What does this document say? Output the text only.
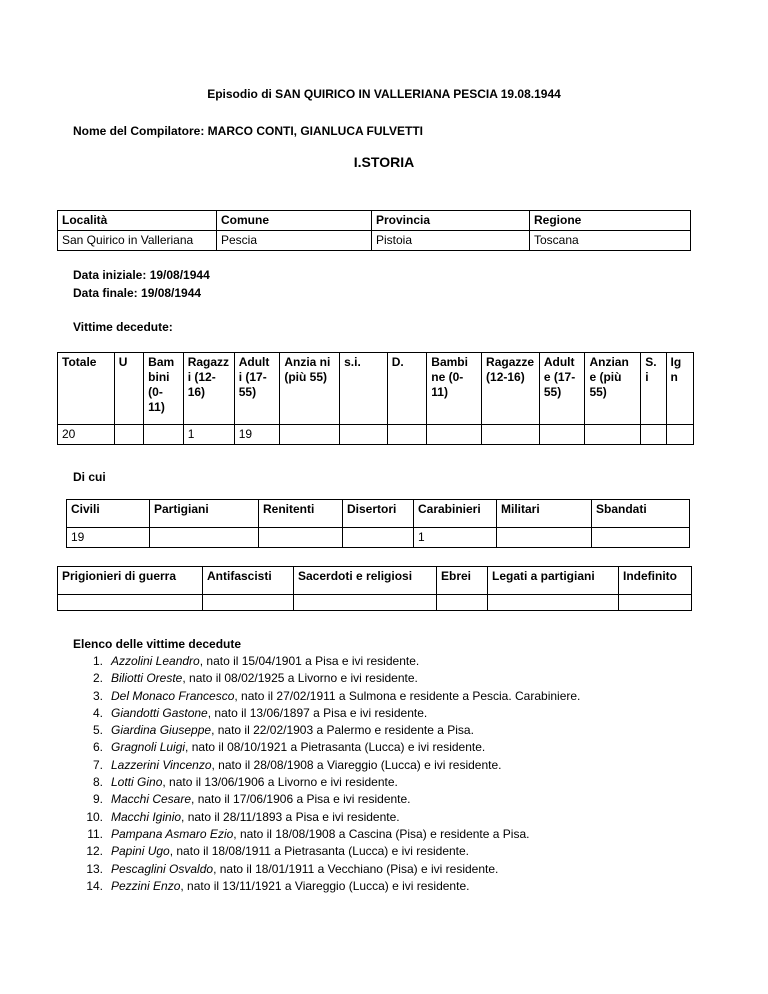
Episodio di SAN QUIRICO IN VALLERIANA PESCIA 19.08.1944
Nome del Compilatore: MARCO CONTI, GIANLUCA FULVETTI
I.STORIA
Località	Comune	Provincia	Regione
San Quirico in Valleriana	Pescia	Pistoia	Toscana
Data iniziale: 19/08/1944
Data finale: 19/08/1944
Vittime decedute:
Totale	U	Bam bini (0-11)	Ragazz i (12-16)	Adult i (17-55)	Anzia ni (più 55)	s.i.	D.	Bambi ne (0-11)	Ragazze (12-16)	Adult e (17-55)	Anzian e (più 55)	S. i	Ig n
20			1	19									
Di cui
Civili	Partigiani	Renitenti	Disertori	Carabinieri	Militari	Sbandati
19				1		
Prigionieri di guerra	Antifascisti	Sacerdoti e religiosi	Ebrei	Legati a partigiani	Indefinito

Elenco delle vittime decedute
1. Azzolini Leandro, nato il 15/04/1901 a Pisa e ivi residente.
2. Biliotti Oreste, nato il 08/02/1925 a Livorno e ivi residente.
3. Del Monaco Francesco, nato il 27/02/1911 a Sulmona e residente a Pescia. Carabiniere.
4. Giandotti Gastone, nato il 13/06/1897 a Pisa e ivi residente.
5. Giardina Giuseppe, nato il 22/02/1903 a Palermo e residente a Pisa.
6. Gragnoli Luigi, nato il 08/10/1921 a Pietrasanta (Lucca) e ivi residente.
7. Lazzerini Vincenzo, nato il 28/08/1908 a Viareggio (Lucca) e ivi residente.
8. Lotti Gino, nato il 13/06/1906 a Livorno e ivi residente.
9. Macchi Cesare, nato il 17/06/1906 a Pisa e ivi residente.
10. Macchi Iginio, nato il 28/11/1893 a Pisa e ivi residente.
11. Pampana Asmaro Ezio, nato il 18/08/1908 a Cascina (Pisa) e residente a Pisa.
12. Papini Ugo, nato il 18/08/1911 a Pietrasanta (Lucca) e ivi residente.
13. Pescaglini Osvaldo, nato il 18/01/1911 a Vecchiano (Pisa) e ivi residente.
14. Pezzini Enzo, nato il 13/11/1921 a Viareggio (Lucca) e ivi residente.
